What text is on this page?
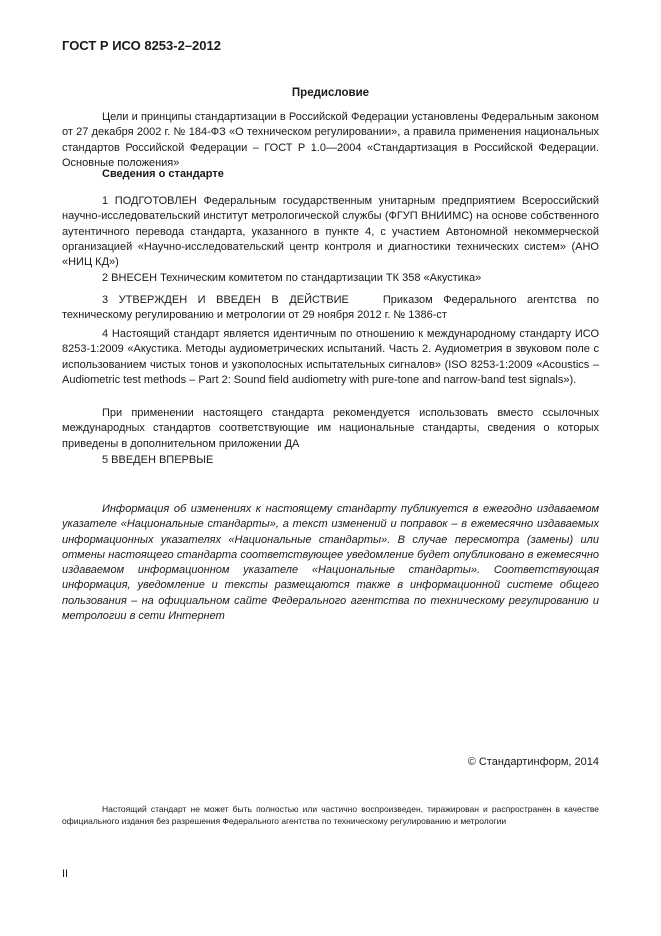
ГОСТ Р ИСО 8253-2–2012
Предисловие

Цели и принципы стандартизации в Российской Федерации установлены Федеральным законом от 27 декабря 2002 г. № 184-ФЗ «О техническом регулировании», а правила применения национальных стандартов Российской Федерации – ГОСТ Р 1.0—2004 «Стандартизация в Российской Федерации. Основные положения»

Сведения о стандарте

1 ПОДГОТОВЛЕН Федеральным государственным унитарным предприятием Всероссийский научно-исследовательский институт метрологической службы (ФГУП ВНИИМС) на основе собственного аутентичного перевода стандарта, указанного в пункте 4, с участием Автономной некоммерческой организацией «Научно-исследовательский центр контроля и диагностики технических систем» (АНО «НИЦ КД»)

2 ВНЕСЕН Техническим комитетом по стандартизации ТК 358 «Акустика»

3 УТВЕРЖДЕН И ВВЕДЕН В ДЕЙСТВИЕ	Приказом Федерального агентства по техническому регулированию и метрологии от 29 ноября 2012 г. № 1386-ст

4 Настоящий стандарт является идентичным по отношению к международному стандарту ИСО 8253-1:2009 «Акустика. Методы аудиометрических испытаний. Часть 2. Аудиометрия в звуковом поле с использованием чистых тонов и узкополосных испытательных сигналов» (ISO 8253-1:2009 «Acoustics – Audiometric test methods – Part 2: Sound field audiometry with pure-tone and narrow-band test signals»).

При применении настоящего стандарта рекомендуется использовать вместо ссылочных международных стандартов соответствующие им национальные стандарты, сведения о которых приведены в дополнительном приложении ДА

5 ВВЕДЕН ВПЕРВЫЕ

Информация об изменениях к настоящему стандарту публикуется в ежегодно издаваемом указателе «Национальные стандарты», а текст изменений и поправок – в ежемесячно издаваемых информационных указателях «Национальные стандарты». В случае пересмотра (замены) или отмены настоящего стандарта соответствующее уведомление будет опубликовано в ежемесячно издаваемом информационном указателе «Национальные стандарты». Соответствующая информация, уведомление и тексты размещаются также в информационной системе общего пользования – на официальном сайте Федерального агентства по техническому регулированию и метрологии в сети Интернет

© Стандартинформ, 2014

Настоящий стандарт не может быть полностью или частично воспроизведен, тиражирован и распространен в качестве официального издания без разрешения Федерального агентства по техническому регулированию и метрологии

II
